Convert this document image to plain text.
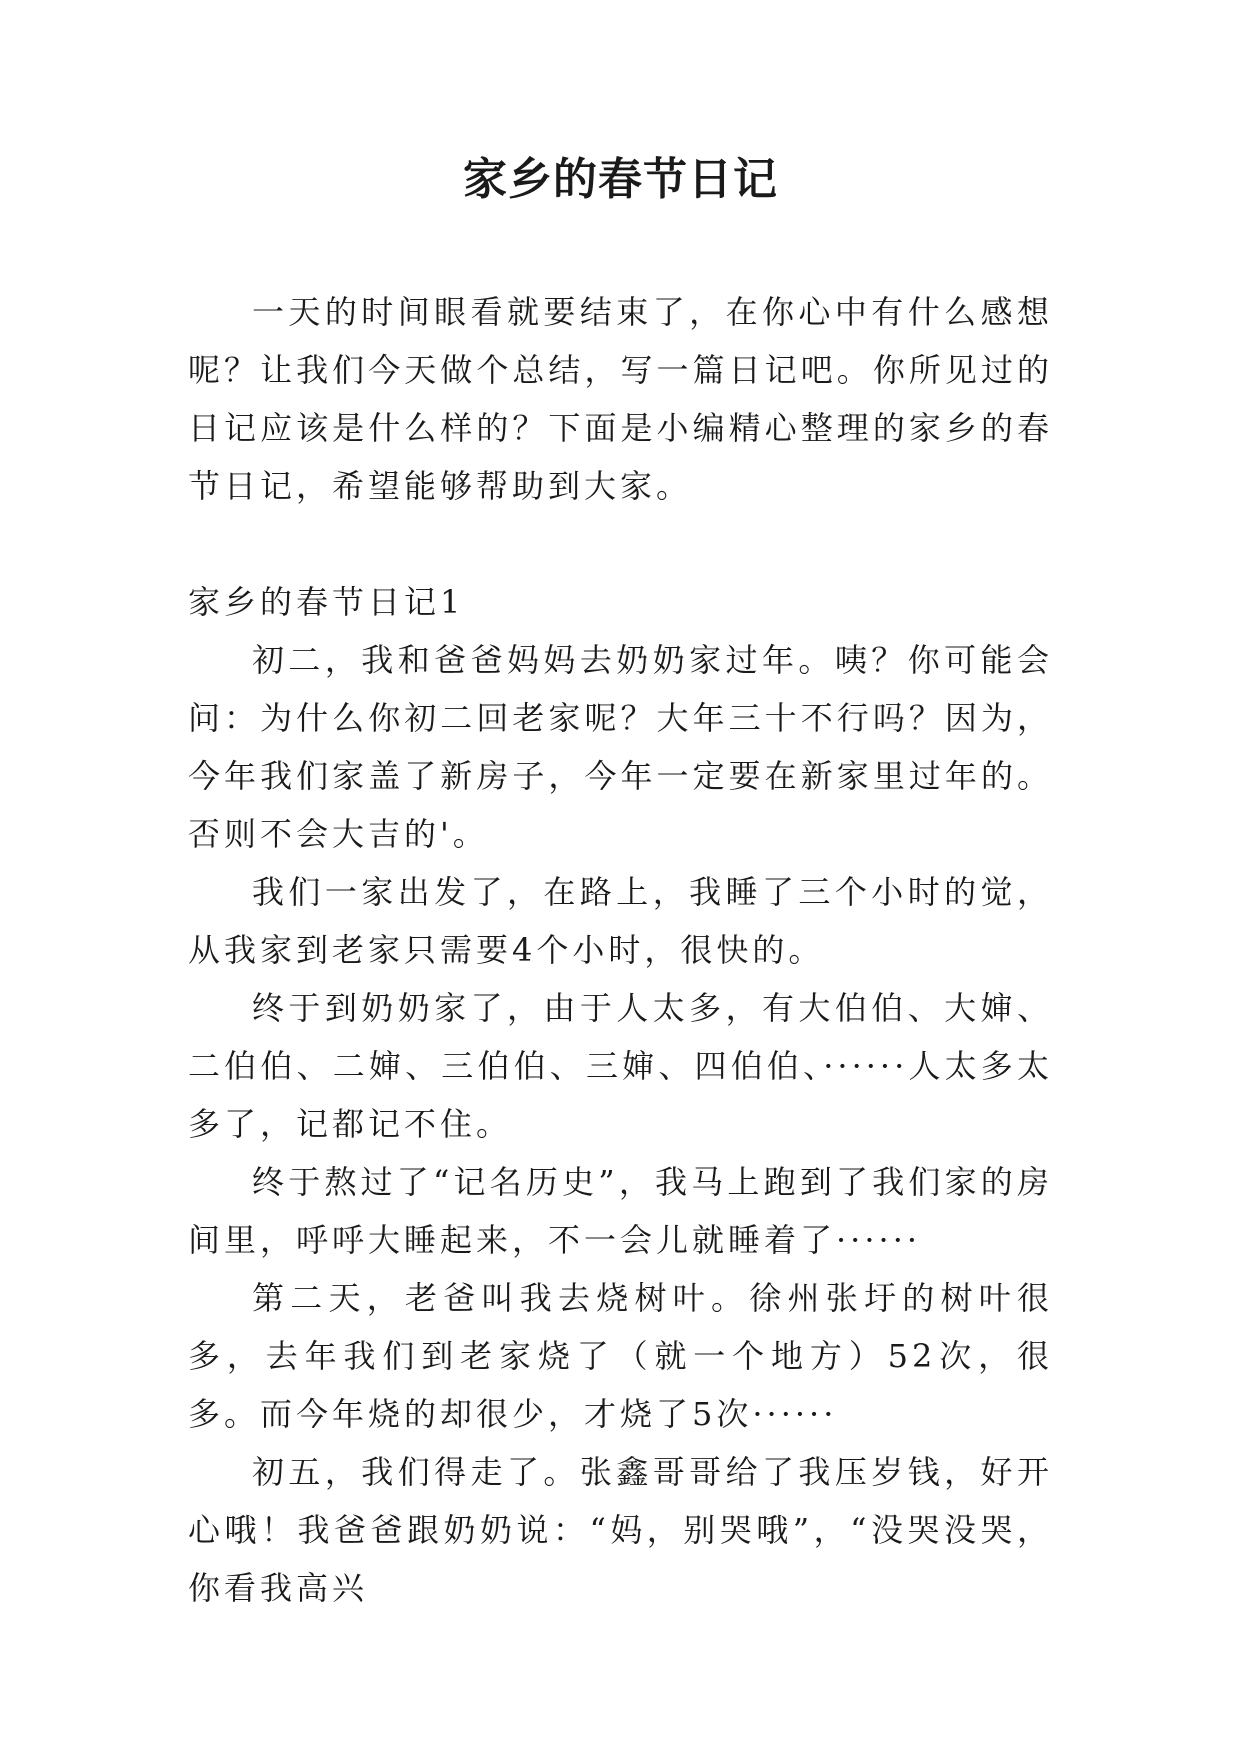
家乡的春节日记

一天的时间眼看就要结束了，在你心中有什么感想呢？让我们今天做个总结，写一篇日记吧。你所见过的日记应该是什么样的？下面是小编精心整理的家乡的春节日记，希望能够帮助到大家。

家乡的春节日记1

初二，我和爸爸妈妈去奶奶家过年。咦？你可能会问：为什么你初二回老家呢？大年三十不行吗？因为，今年我们家盖了新房子，今年一定要在新家里过年的。否则不会大吉的'。

我们一家出发了，在路上，我睡了三个小时的觉，从我家到老家只需要4个小时，很快的。

终于到奶奶家了，由于人太多，有大伯伯、大婶、二伯伯、二婶、三伯伯、三婶、四伯伯、······人太多太多了，记都记不住。

终于熬过了“记名历史”，我马上跑到了我们家的房间里，呼呼大睡起来，不一会儿就睡着了······

第二天，老爸叫我去烧树叶。徐州张圩的树叶很多，去年我们到老家烧了（就一个地方）52次，很多。而今年烧的却很少，才烧了5次······

初五，我们得走了。张鑫哥哥给了我压岁钱，好开心哦！我爸爸跟奶奶说：“妈，别哭哦”，“没哭没哭，你看我高兴
